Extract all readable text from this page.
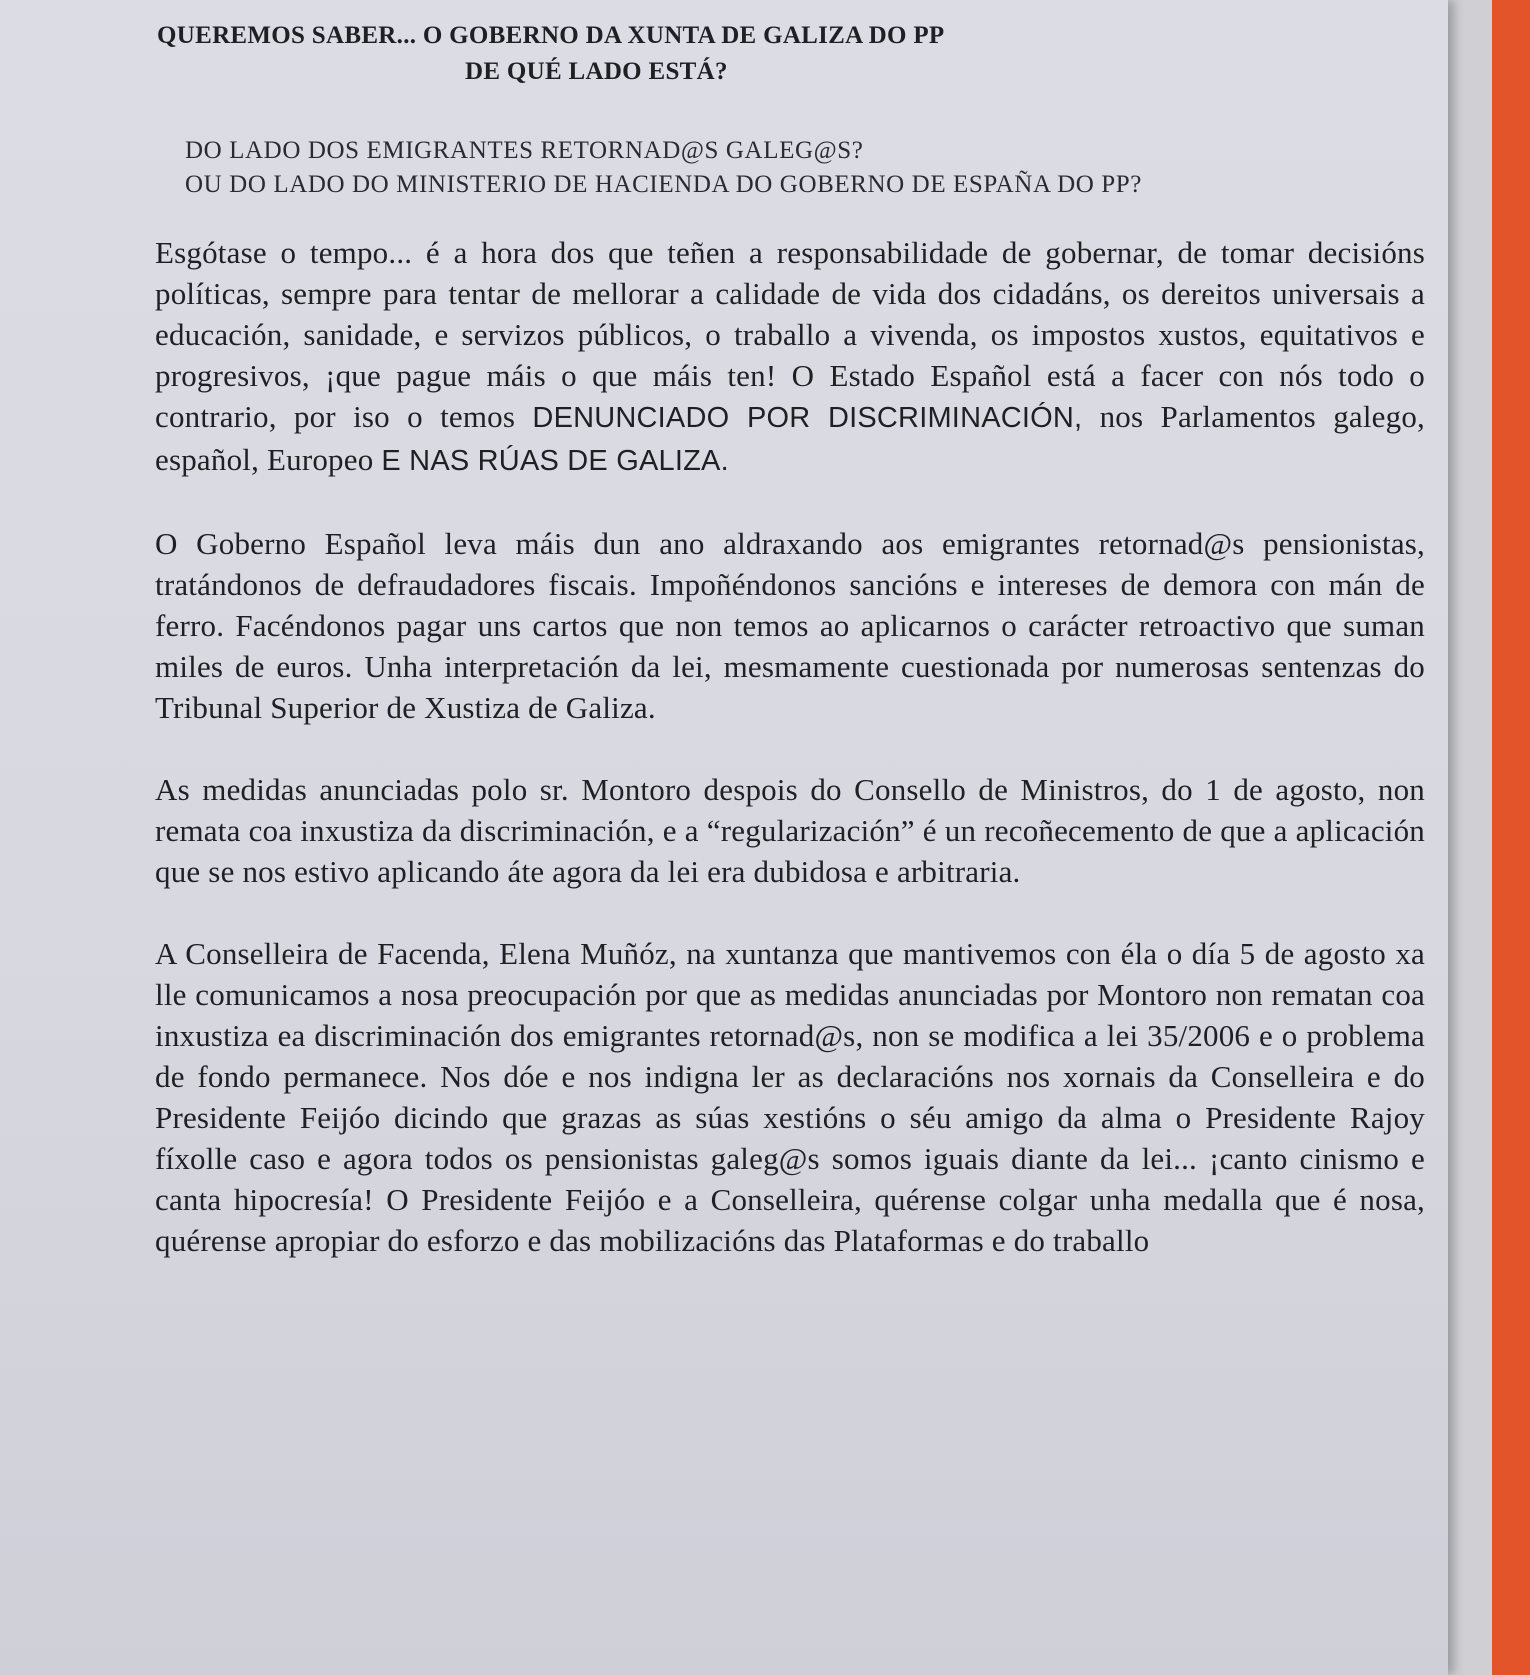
QUEREMOS SABER... O GOBERNO DA XUNTA DE GALIZA DO PP
DE QUÉ LADO ESTÁ?
DO LADO DOS EMIGRANTES RETORNAD@S GALEG@S?
OU DO LADO DO MINISTERIO DE HACIENDA DO GOBERNO DE ESPAÑA DO PP?

Esgótase o tempo... é a hora dos que teñen a responsabilidade de gobernar, de tomar decisións políticas, sempre para tentar de mellorar a calidade de vida dos cidadáns, os dereitos universais a educación, sanidade, e servizos públicos, o traballo a vivenda, os impostos xustos, equitativos e progresivos, ¡que pague máis o que máis ten! O Estado Español está a facer con nós todo o contrario, por iso o temos DENUNCIADO POR DISCRIMINACIÓN, nos Parlamentos galego, español, Europeo E NAS RÚAS DE GALIZA.

O Goberno Español leva máis dun ano aldraxando aos emigrantes retornad@s pensionistas, tratándonos de defraudadores fiscais. Impoñéndonos sancións e intereses de demora con mán de ferro. Facéndonos pagar uns cartos que non temos ao aplicarnos o carácter retroactivo que suman miles de euros. Unha interpretación da lei, mesmamente cuestionada por numerosas sentenzas do Tribunal Superior de Xustiza de Galiza.

As medidas anunciadas polo sr. Montoro despois do Consello de Ministros, do 1 de agosto, non remata coa inxustiza da discriminación, e a “regularización” é un recoñecemento de que a aplicación que se nos estivo aplicando áte agora da lei era dubidosa e arbitraria.

A Conselleira de Facenda, Elena Muñóz, na xuntanza que mantivemos con éla o día 5 de agosto xa lle comunicamos a nosa preocupación por que as medidas anunciadas por Montoro non rematan coa inxustiza ea discriminación dos emigrantes retornad@s, non se modifica a lei 35/2006 e o problema de fondo permanece. Nos dóe e nos indigna ler as declaracións nos xornais da Conselleira e do Presidente Feijóo dicindo que grazas as súas xestións o séu amigo da alma o Presidente Rajoy fíxolle caso e agora todos os pensionistas galeg@s somos iguais diante da lei... ¡canto cinismo e canta hipocresía! O Presidente Feijóo e a Conselleira, quérense colgar unha medalla que é nosa, quérense apropiar do esforzo e das mobilizacións das Plataformas e do traballo
